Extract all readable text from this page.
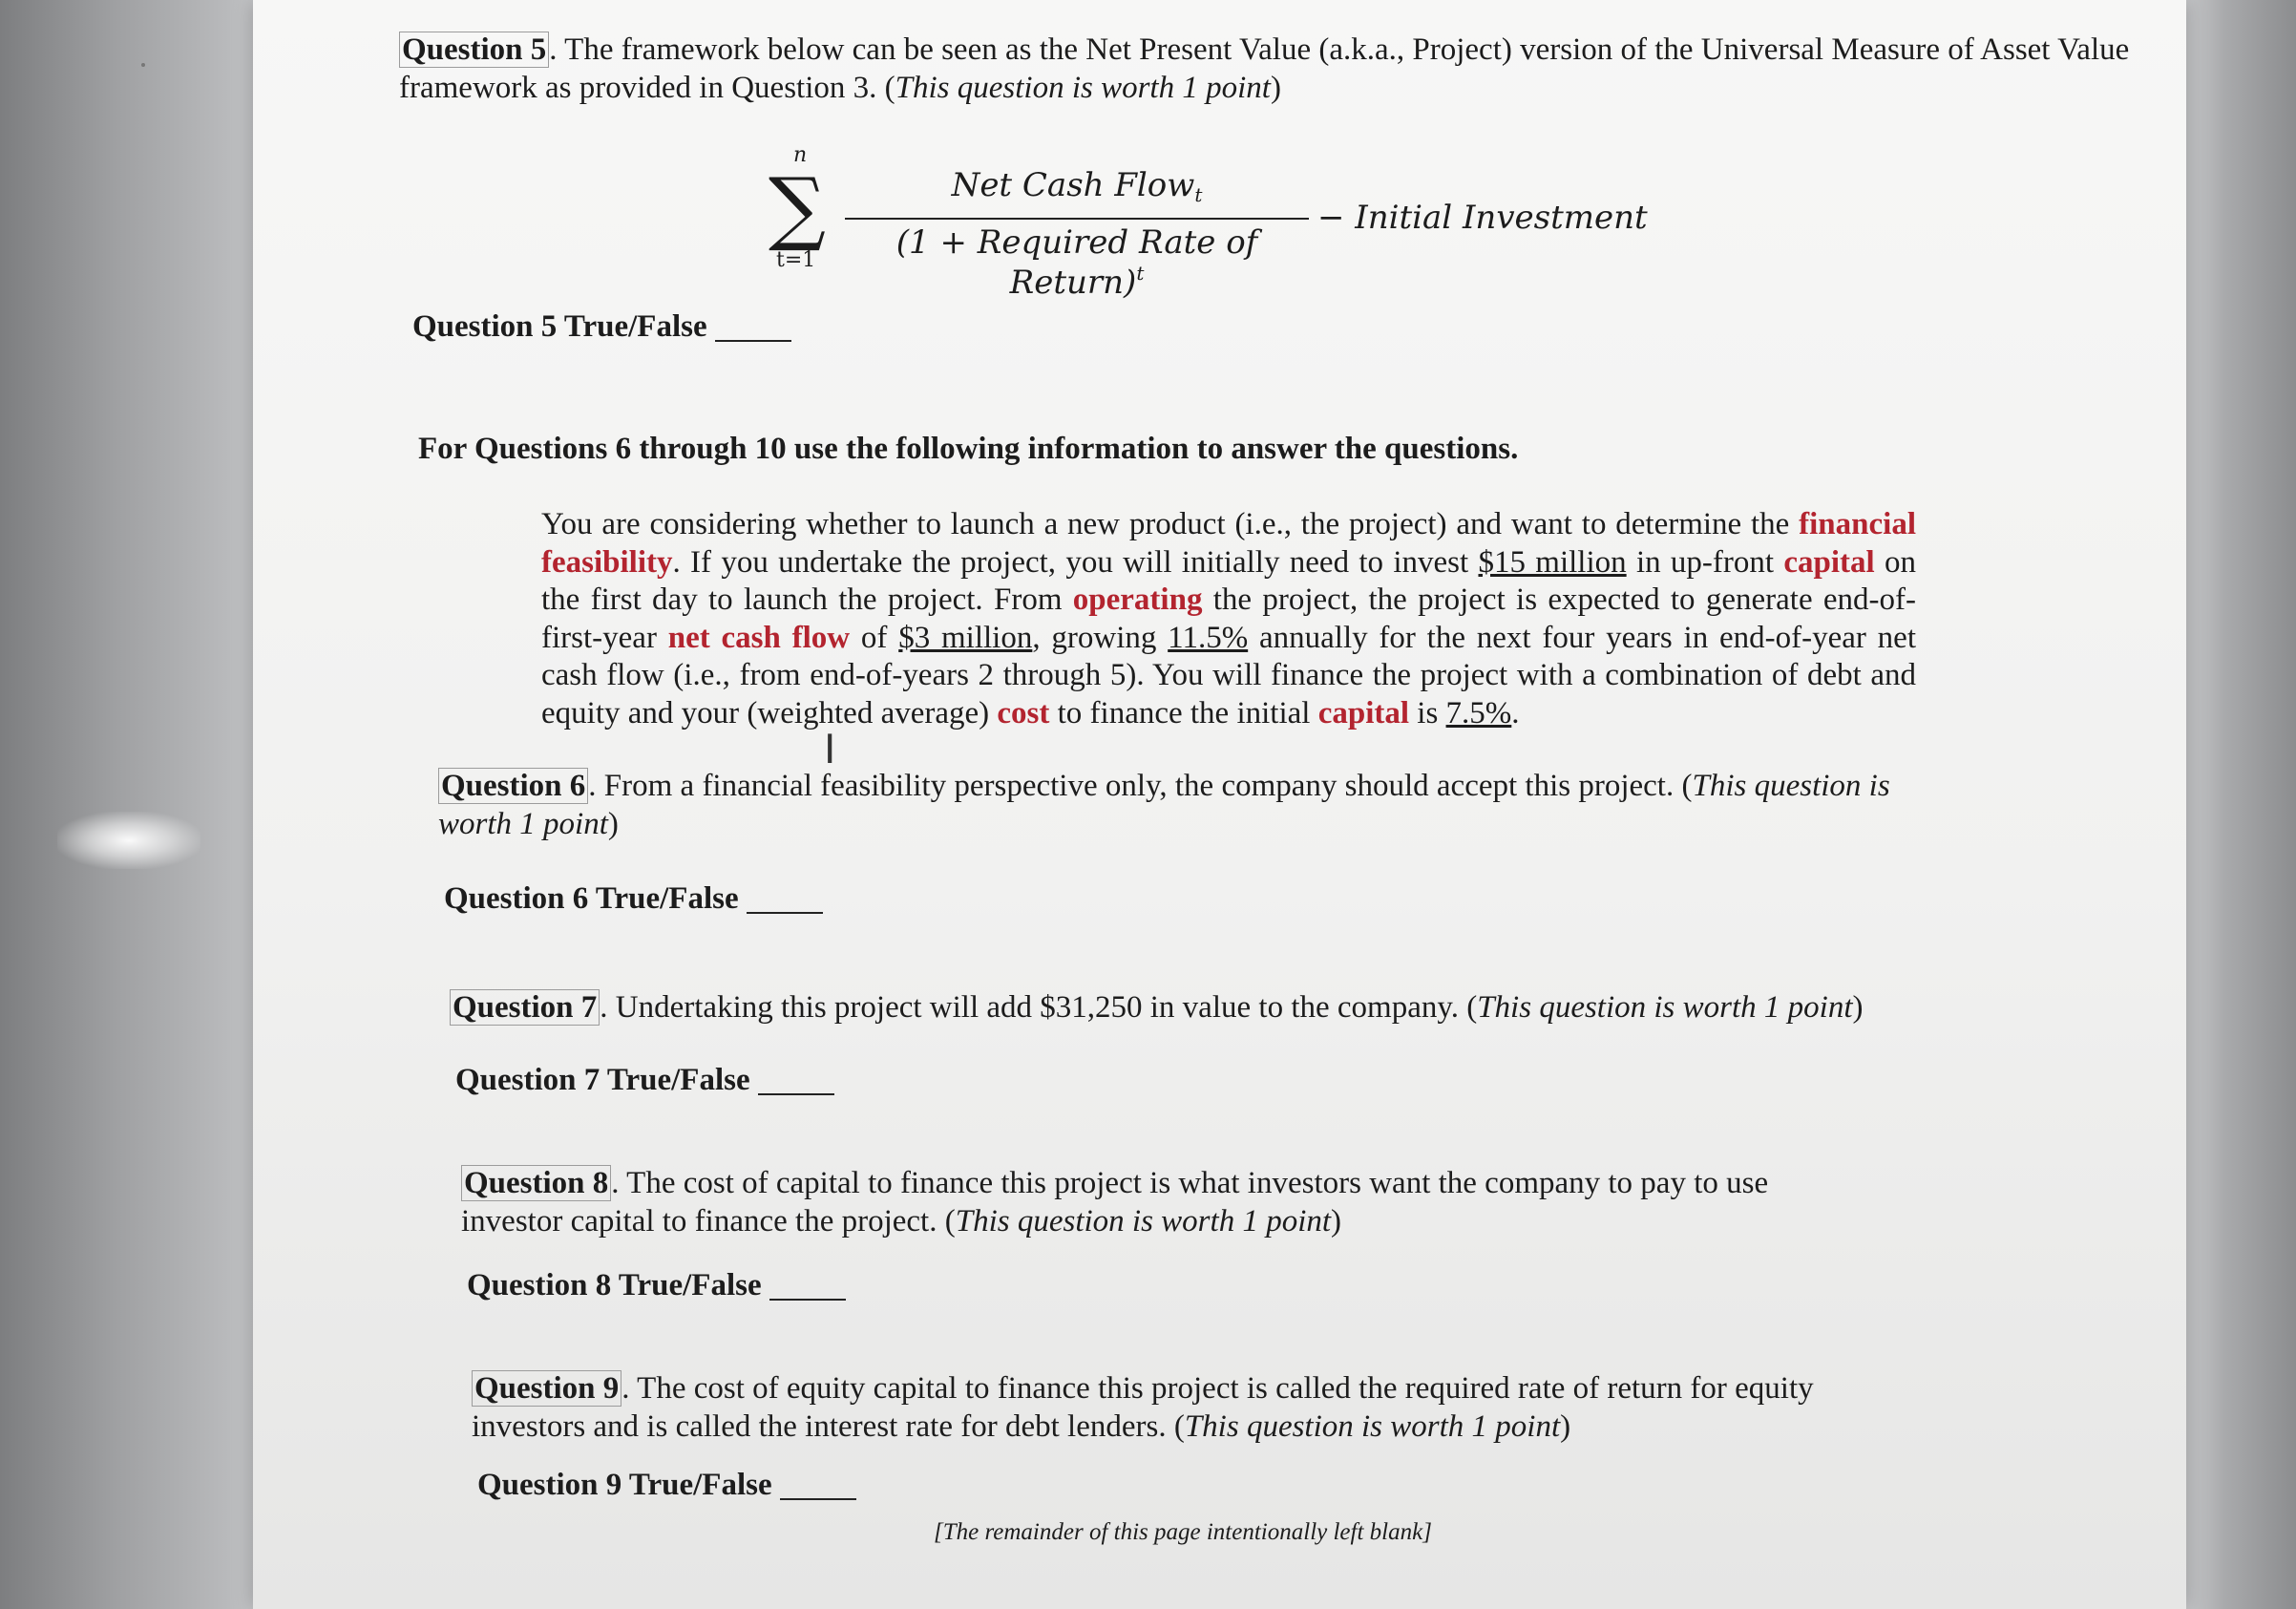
Question 5. The framework below can be seen as the Net Present Value (a.k.a., Project) version of the Universal Measure of Asset Value framework as provided in Question 3. (This question is worth 1 point)
n
∑
t=1
Net Cash Flow$_t$
(1 + Required Rate of Return)$^t$
− Initial Investment
Question 5 True/False
For Questions 6 through 10 use the following information to answer the questions.
You are considering whether to launch a new product (i.e., the project) and want to determine the financial feasibility. If you undertake the project, you will initially need to invest $15 million in up-front capital on the first day to launch the project. From operating the project, the project is expected to generate end-of-first-year net cash flow of $3 million, growing 11.5% annually for the next four years in end-of-year net cash flow (i.e., from end-of-years 2 through 5). You will finance the project with a combination of debt and equity and your (weighted average) cost to finance the initial capital is 7.5%.
I
Question 6. From a financial feasibility perspective only, the company should accept this project. (This question is worth 1 point)
Question 6 True/False
Question 7. Undertaking this project will add $31,250 in value to the company. (This question is worth 1 point)
Question 7 True/False
Question 8. The cost of capital to finance this project is what investors want the company to pay to use investor capital to finance the project. (This question is worth 1 point)
Question 8 True/False
Question 9. The cost of equity capital to finance this project is called the required rate of return for equity investors and is called the interest rate for debt lenders. (This question is worth 1 point)
Question 9 True/False
[The remainder of this page intentionally left blank]
